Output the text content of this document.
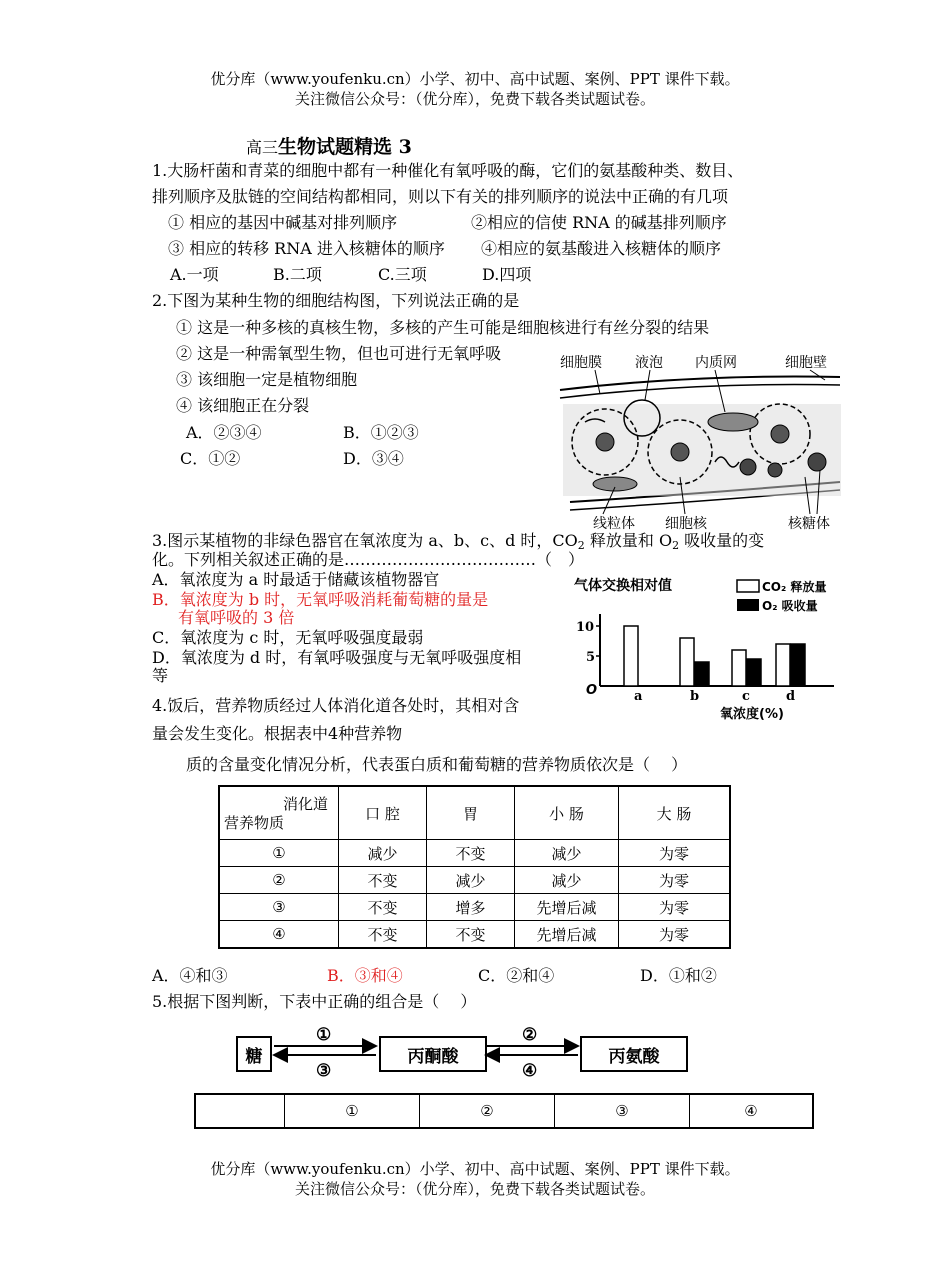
优分库（www.youfenku.cn）小学、初中、高中试题、案例、PPT 课件下载。
关注微信公众号：（优分库），免费下载各类试题试卷。
高三生物试题精选 3
1.大肠杆菌和青菜的细胞中都有一种催化有氧呼吸的酶，它们的氨基酸种类、数目、
排列顺序及肽链的空间结构都相同，则以下有关的排列顺序的说法中正确的有几项
① 相应的基因中碱基对排列顺序	②相应的信使 RNA 的碱基排列顺序
③ 相应的转移 RNA 进入核糖体的顺序 ④相应的氨基酸进入核糖体的顺序
A.一项	B.二项	C.三项	D.四项
2.下图为某种生物的细胞结构图，下列说法正确的是
① 这是一种多核的真核生物，多核的产生可能是细胞核进行有丝分裂的结果
② 这是一种需氧型生物，但也可进行无氧呼吸
③ 该细胞一定是植物细胞
④ 该细胞正在分裂
A．②③④	B．①②③
C．①②	D．③④
细胞膜 液泡 内质网	细胞壁
线粒体 细胞核	核糖体
3.图示某植物的非绿色器官在氧浓度为 a、b、c、d 时，$CO_2$ 释放量和 $O_2$ 吸收量的变
化。下列相关叙述正确的是………………………………（　）
A．氧浓度为 a 时最适于储藏该植物器官
B．氧浓度为 b 时，无氧呼吸消耗葡萄糖的量是
有氧呼吸的 3 倍
C．氧浓度为 c 时，无氧呼吸强度最弱
D．氧浓度为 d 时，有氧呼吸强度与无氧呼吸强度相
等
气体交换相对值	CO₂ 释放量
O₂ 吸收量
O
10
5
a	b	c	d
氧浓度(%)
4.饭后，营养物质经过人体消化道各处时，其相对含
量会发生变化。根据表中4种营养物
质的含量变化情况分析，代表蛋白质和葡萄糖的营养物质依次是（　 ）
消化道
营养物质	口 腔	胃	小 肠	大 肠
①	减少	不变	减少	为零
②	不变	减少	减少	为零
③	不变	增多	先增后减	为零
④	不变	不变	先增后减	为零
A．④和③	B．③和④	C．②和④	D．①和②
5.根据下图判断，下表中正确的组合是（　 ）
糖	丙酮酸	丙氨酸
①
③
②
④
	①	②	③	④
优分库（www.youfenku.cn）小学、初中、高中试题、案例、PPT 课件下载。
关注微信公众号：（优分库），免费下载各类试题试卷。
